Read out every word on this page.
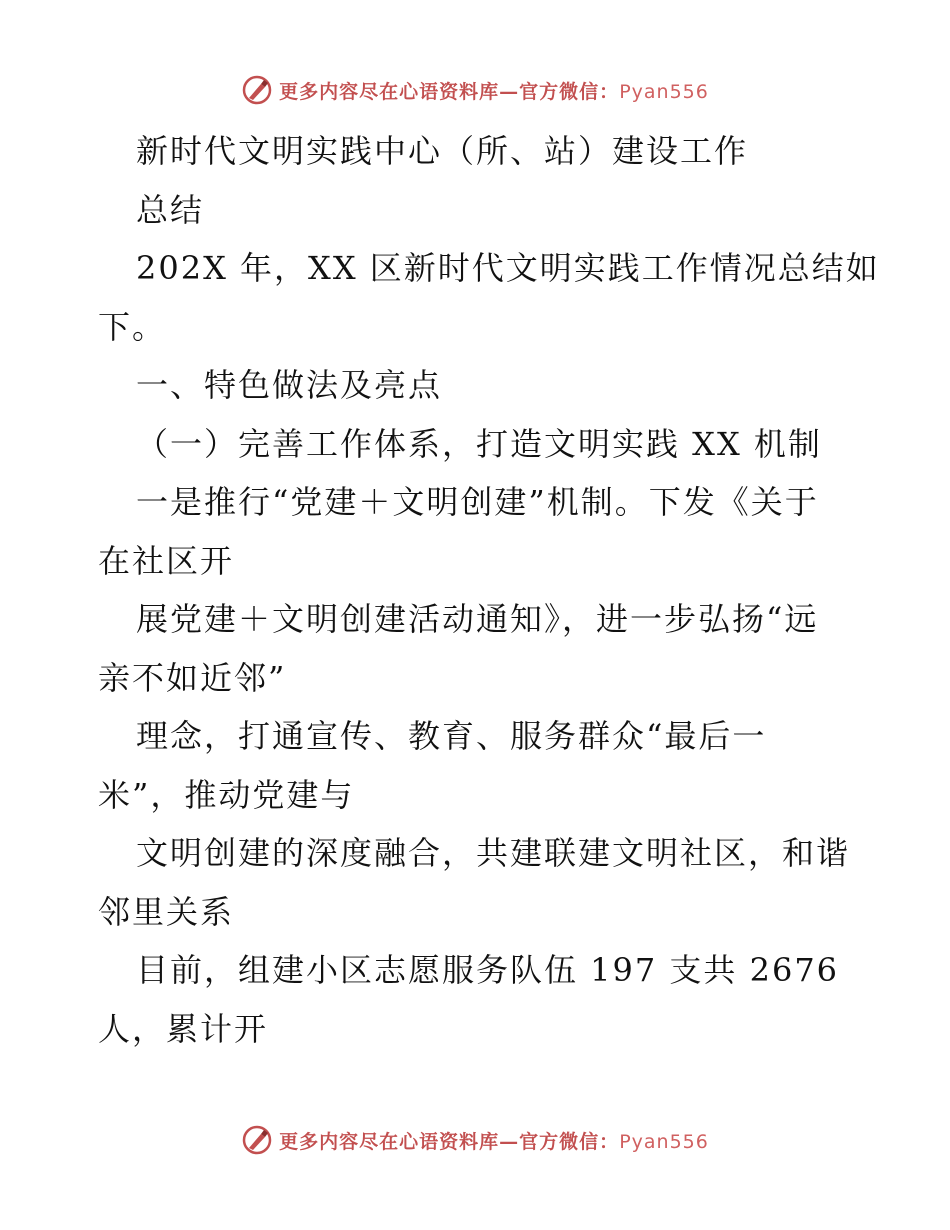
更多内容尽在心语资料库—官方微信：Pyan556
新时代文明实践中心（所、站）建设工作
总结
202X 年，XX 区新时代文明实践工作情况总结如
下。
一、特色做法及亮点
（一）完善工作体系，打造文明实践 XX 机制
一是推行“党建＋文明创建”机制。下发《关于
在社区开
展党建＋文明创建活动通知》，进一步弘扬“远
亲不如近邻”
理念，打通宣传、教育、服务群众“最后一
米”，推动党建与
文明创建的深度融合，共建联建文明社区，和谐
邻里关系
目前，组建小区志愿服务队伍 197 支共 2676
人，累计开
更多内容尽在心语资料库—官方微信：Pyan556
